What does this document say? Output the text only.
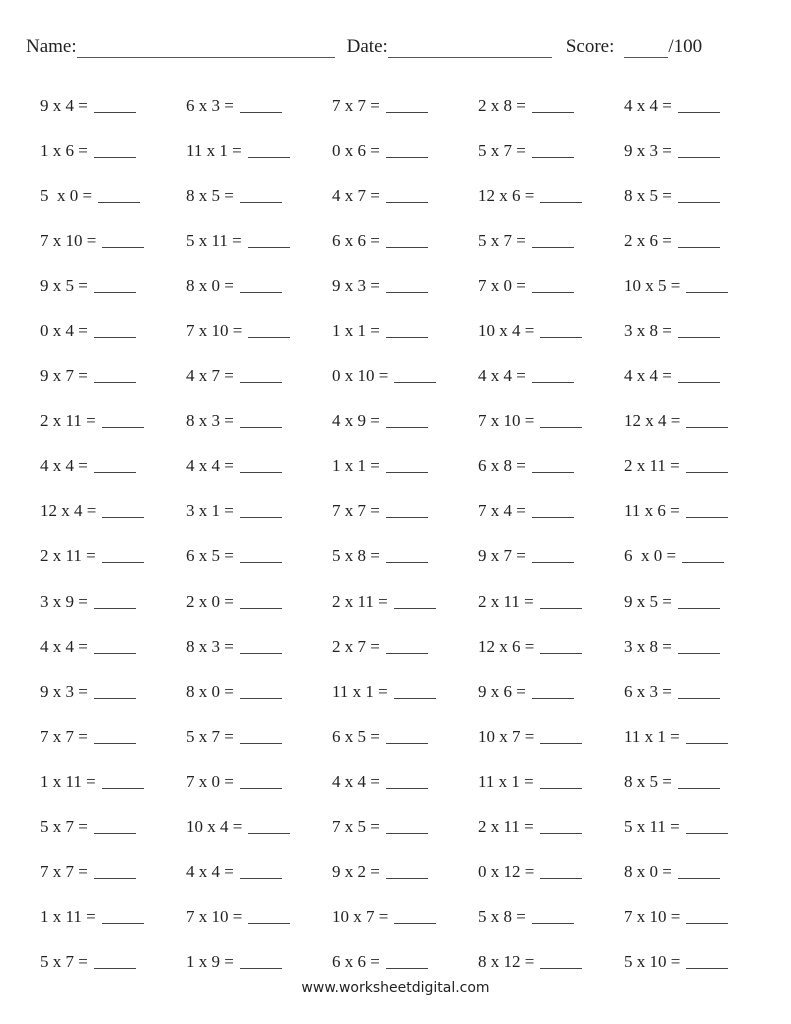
Name:	Date:	Score:	/100
9 x 4 =	6 x 3 =	7 x 7 =	2 x 8 =	4 x 4 =
1 x 6 =	11 x 1 =	0 x 6 =	5 x 7 =	9 x 3 =
5  x 0 =	8 x 5 =	4 x 7 =	12 x 6 =	8 x 5 =
7 x 10 =	5 x 11 =	6 x 6 =	5 x 7 =	2 x 6 =
9 x 5 =	8 x 0 =	9 x 3 =	7 x 0 =	10 x 5 =
0 x 4 =	7 x 10 =	1 x 1 =	10 x 4 =	3 x 8 =
9 x 7 =	4 x 7 =	0 x 10 =	4 x 4 =	4 x 4 =
2 x 11 =	8 x 3 =	4 x 9 =	7 x 10 =	12 x 4 =
4 x 4 =	4 x 4 =	1 x 1 =	6 x 8 =	2 x 11 =
12 x 4 =	3 x 1 =	7 x 7 =	7 x 4 =	11 x 6 =
2 x 11 =	6 x 5 =	5 x 8 =	9 x 7 =	6  x 0 =
3 x 9 =	2 x 0 =	2 x 11 =	2 x 11 =	9 x 5 =
4 x 4 =	8 x 3 =	2 x 7 =	12 x 6 =	3 x 8 =
9 x 3 =	8 x 0 =	11 x 1 =	9 x 6 =	6 x 3 =
7 x 7 =	5 x 7 =	6 x 5 =	10 x 7 =	11 x 1 =
1 x 11 =	7 x 0 =	4 x 4 =	11 x 1 =	8 x 5 =
5 x 7 =	10 x 4 =	7 x 5 =	2 x 11 =	5 x 11 =
7 x 7 =	4 x 4 =	9 x 2 =	0 x 12 =	8 x 0 =
1 x 11 =	7 x 10 =	10 x 7 =	5 x 8 =	7 x 10 =
5 x 7 =	1 x 9 =	6 x 6 =	8 x 12 =	5 x 10 =
www.worksheetdigital.com
